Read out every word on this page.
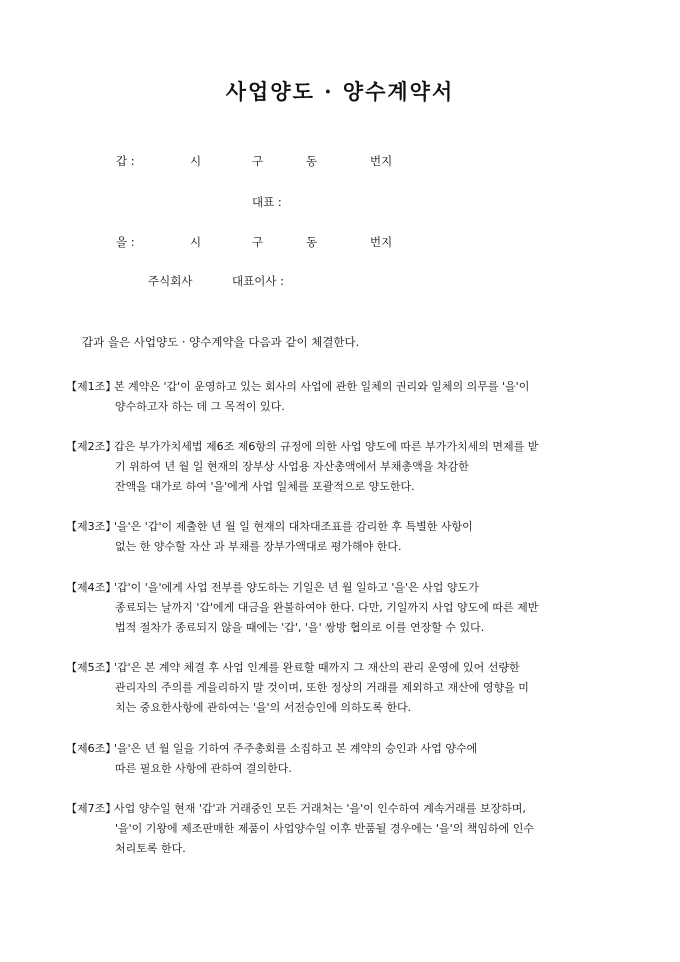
사업양도 · 양수계약서
갑 :	시	구	동	번지
대표 :
을 :	시	구	동	번지
주식회사	대표이사 :
갑과 을은 사업양도 · 양수계약을 다음과 같이 체결한다.
【제1조】
본 계약은 '갑'이 운영하고 있는 회사의 사업에 관한 일체의 권리와 일체의 의무를 '을'이
양수하고자 하는 데 그 목적이 있다.
【제2조】
갑은 부가가치세법 제6조 제6항의 규정에 의한 사업 양도에 따른 부가가치세의 면제를 받
기 위하여 년 월 일 현재의 장부상 사업용 자산총액에서 부채총액을 차감한
잔액을 대가로 하여 '을'에게 사업 일체를 포괄적으로 양도한다.
【제3조】
'을'은 '갑'이 제출한 년 월 일 현재의 대차대조표를 감리한 후 특별한 사항이
없는 한 양수할 자산 과 부채를 장부가액대로 평가해야 한다.
【제4조】
'갑'이 '을'에게 사업 전부를 양도하는 기일은 년 월 일하고 '을'은 사업 양도가
종료되는 날까지 '갑'에게 대금을 완불하여야 한다. 다만, 기일까지 사업 양도에 따른 제반
법적 절차가 종료되지 않을 때에는 '갑', '을' 쌍방 협의로 이를 연장할 수 있다.
【제5조】
'갑'은 본 계약 체결 후 사업 인계를 완료할 때까지 그 재산의 관리 운영에 있어 선량한
관리자의 주의를 게을리하지 말 것이며, 또한 정상의 거래를 제외하고 재산에 영향을 미
치는 중요한사항에 관하여는 '을'의 서전승인에 의하도록 한다.
【제6조】
'을'은 년 월 일을 기하여 주주총회를 소집하고 본 계약의 승인과 사업 양수에
따른 필요한 사항에 관하여 결의한다.
【제7조】
사업 양수일 현재 '갑'과 거래중인 모든 거래처는 '을'이 인수하여 계속거래를 보장하며,
'을'이 기왕에 제조판매한 제품이 사업양수일 이후 반품될 경우에는 '을'의 책임하에 인수
처리토록 한다.
